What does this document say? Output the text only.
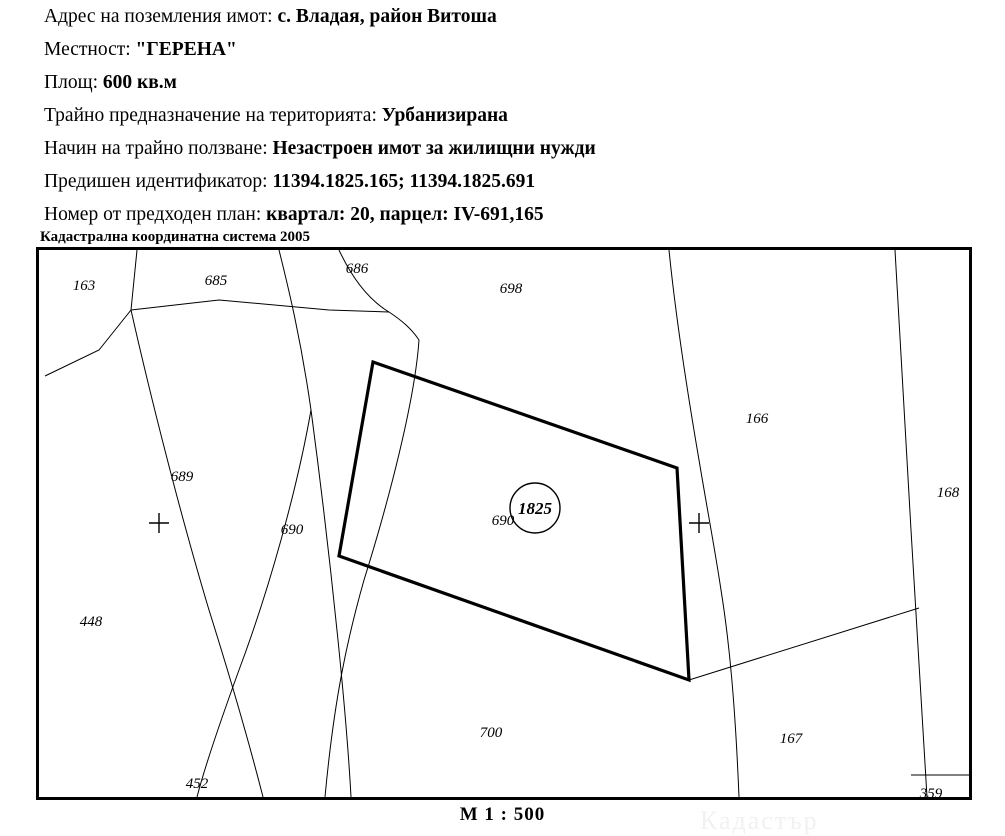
Адрес на поземления имот: с. Владая, район Витоша
Местност: "ГЕРЕНА"
Площ: 600 кв.м
Трайно предназначение на територията: Урбанизирана
Начин на трайно ползване: Незастроен имот за жилищни нужди
Предишен идентификатор: 11394.1825.165; 11394.1825.691
Номер от предходен план: квартал: 20, парцел: IV-691,165
Кадастрална координатна система 2005
1825
163	685
686
698
166
168
689
690
690
448
700	167
452
359
M 1 : 500	Кадастър
